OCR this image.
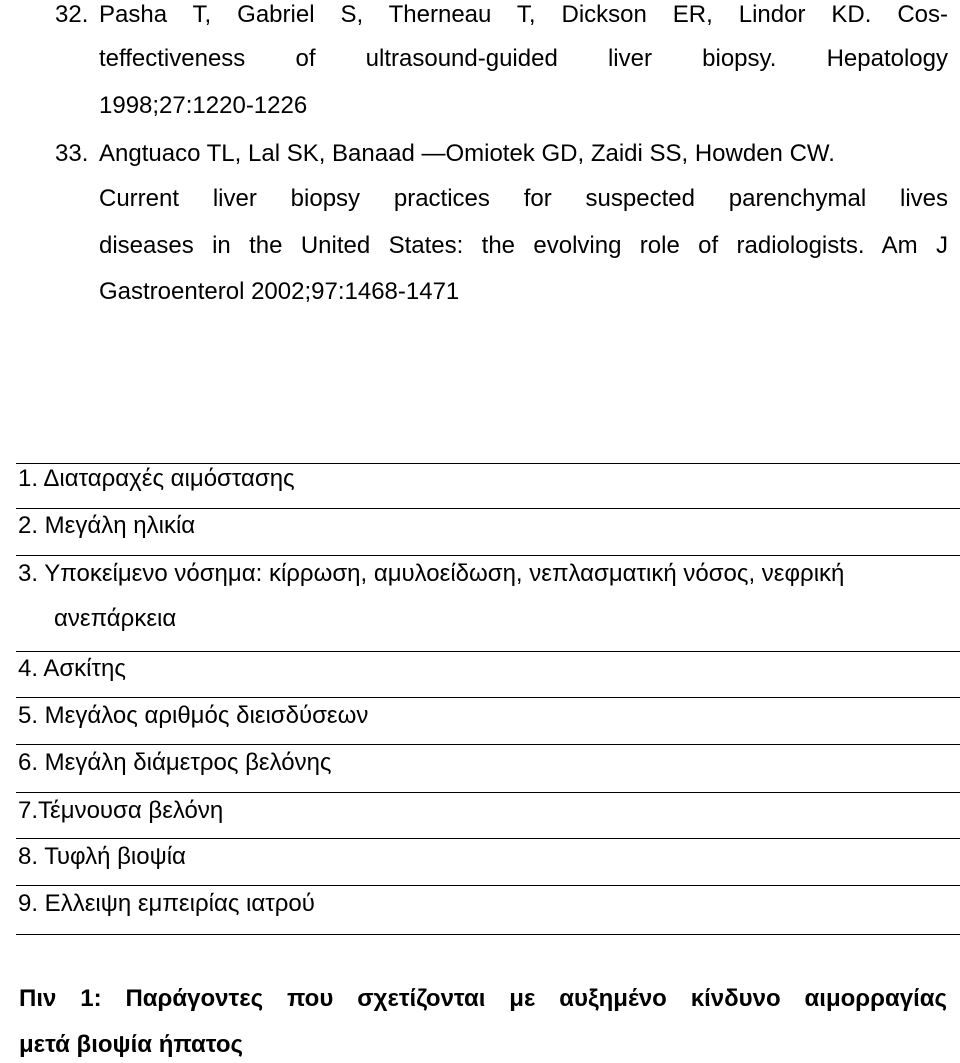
32. Pasha T, Gabriel S, Therneau T, Dickson ER, Lindor KD. Cos-
teffectiveness of ultrasound-guided liver biopsy. Hepatology
1998;27:1220-1226
33. Angtuaco TL, Lal SK, Banaad —Omiotek GD, Zaidi SS, Howden CW.
Current liver biopsy practices for suspected parenchymal lives
diseases in the United States: the evolving role of radiologists. Am J
Gastroenterol 2002;97:1468-1471
1. Διαταραχές αιμόστασης
2. Μεγάλη ηλικία
3. Υποκείμενο νόσημα: κίρρωση, αμυλοείδωση, νεπλασματική νόσος, νεφρική
ανεπάρκεια
4. Ασκίτης
5. Μεγάλος αριθμός διεισδύσεων
6. Μεγάλη διάμετρος βελόνης
7.Τέμνουσα βελόνη
8. Τυφλή βιοψία
9. Ελλειψη εμπειρίας ιατρού
Πιν 1: Παράγοντες που σχετίζονται με αυξημένο κίνδυνο αιμορραγίας
μετά βιοψία ήπατος
